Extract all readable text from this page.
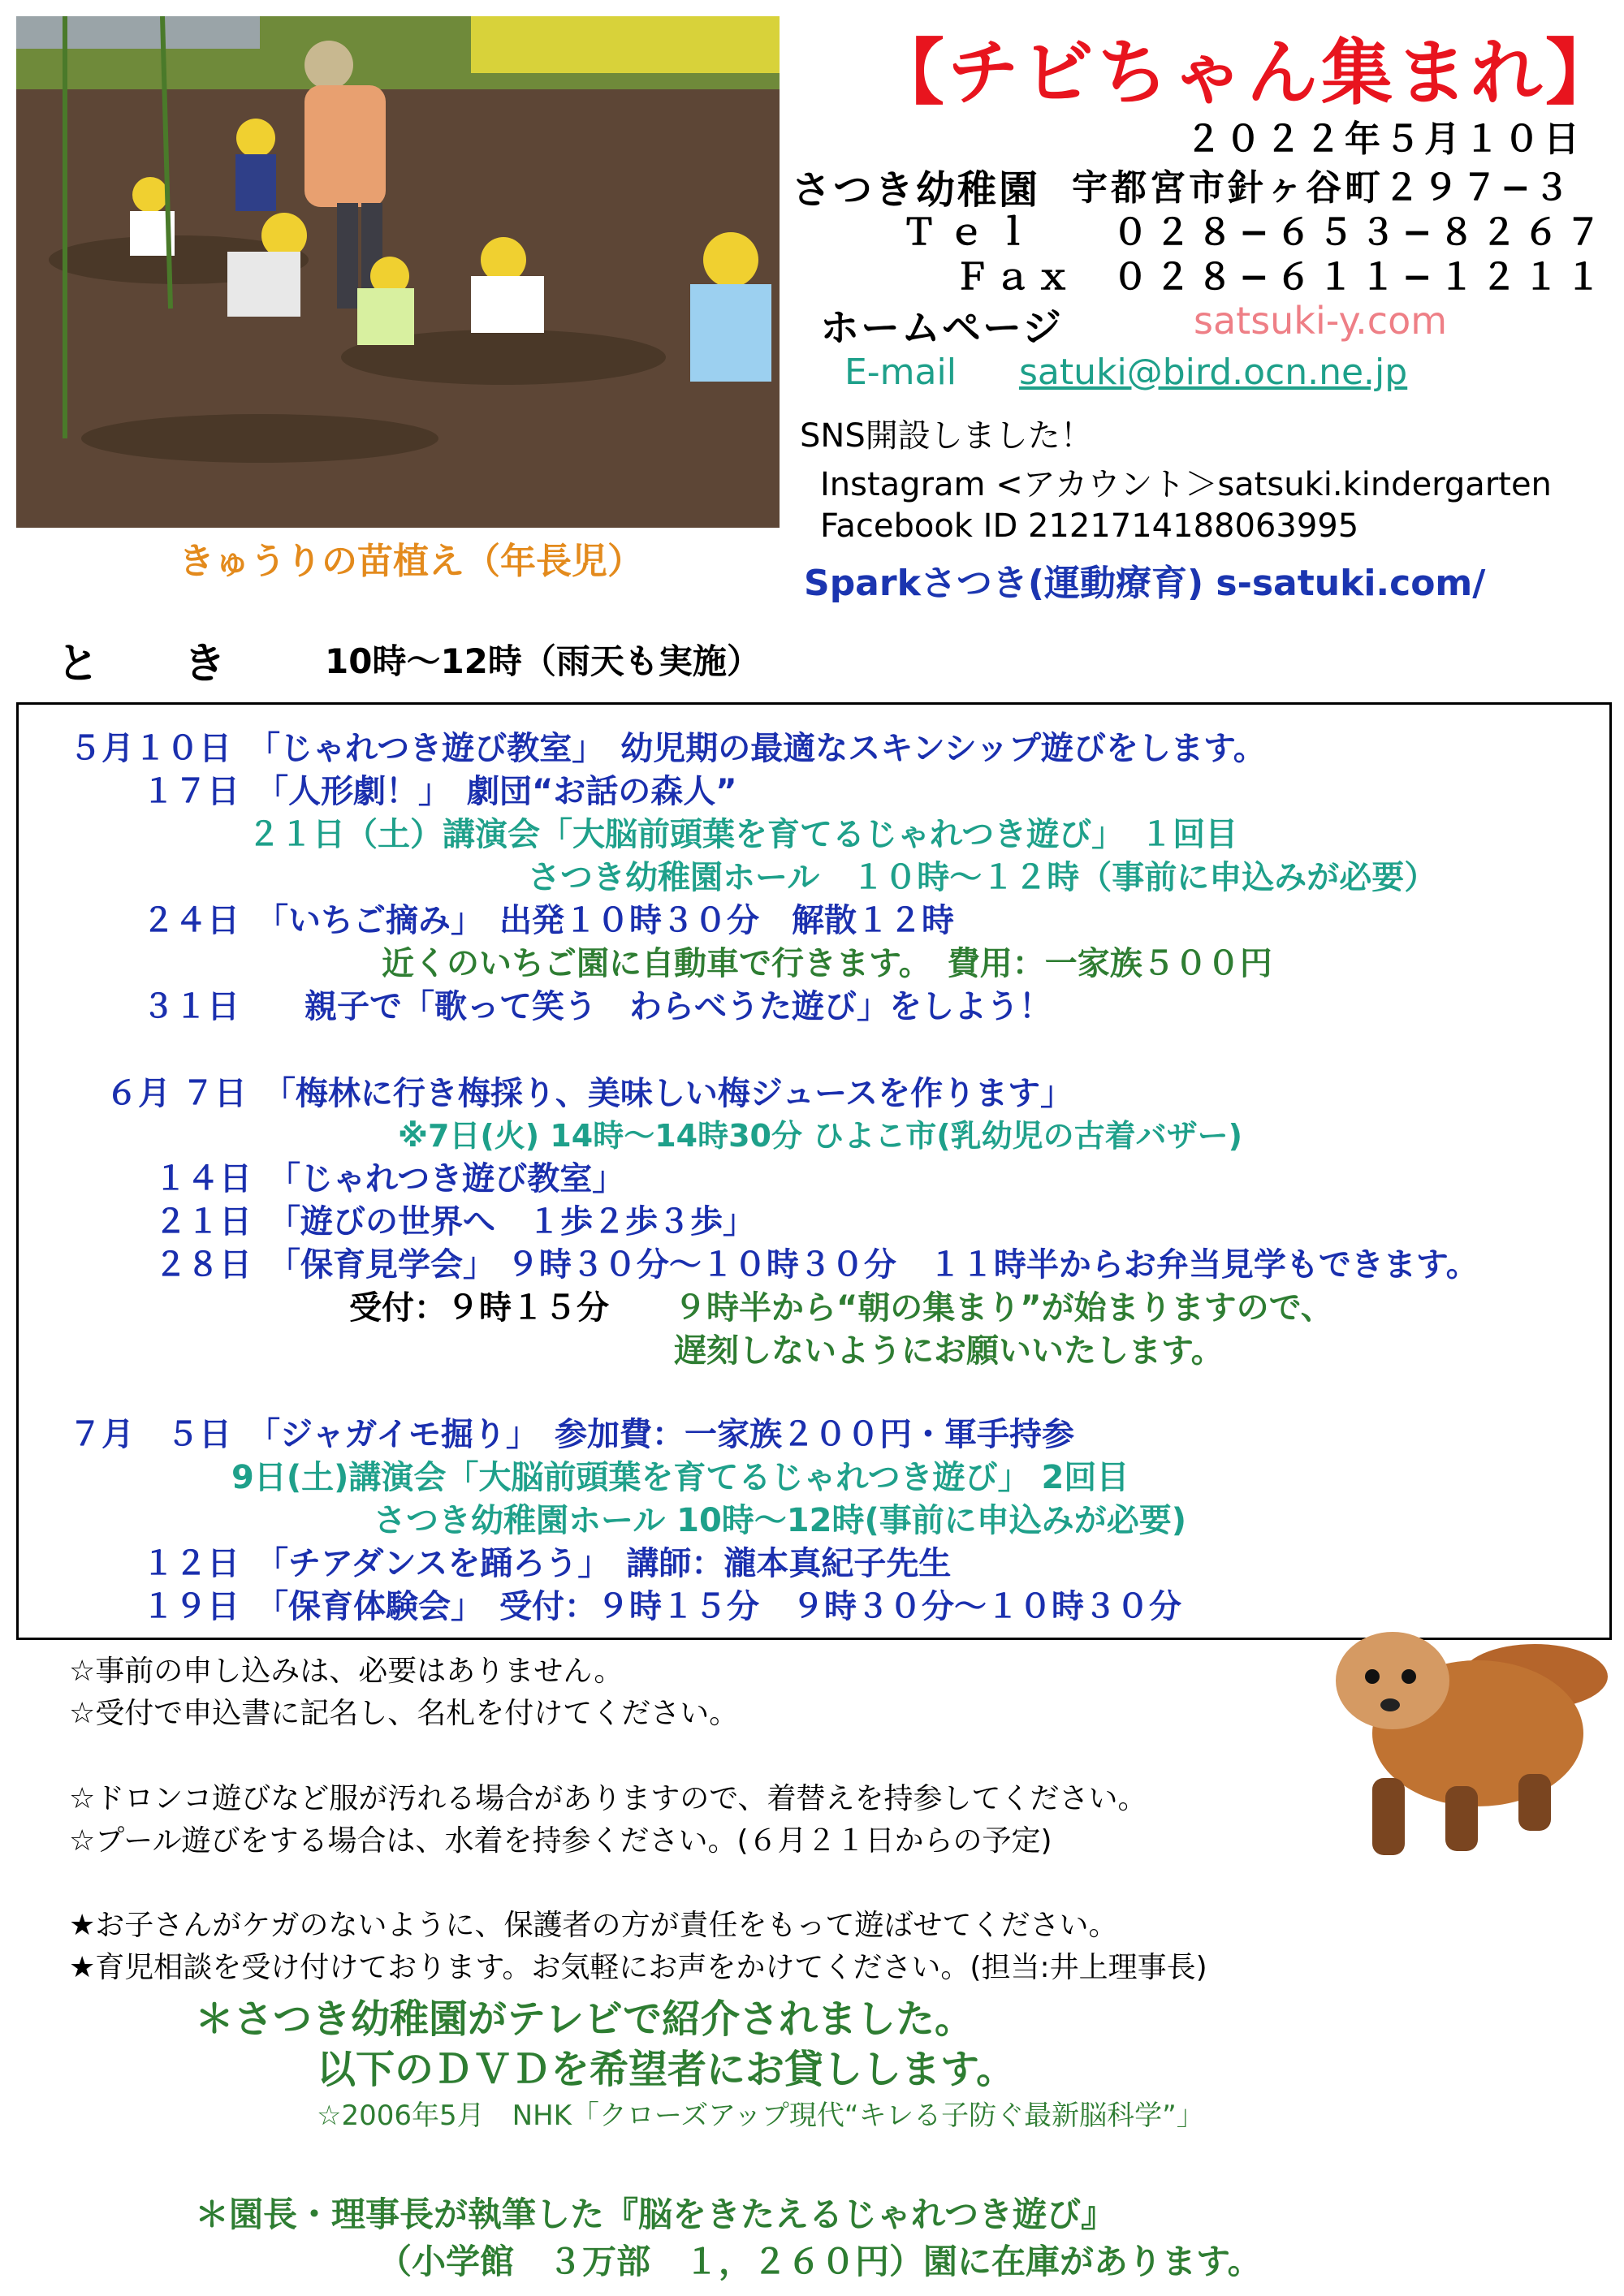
きゅうりの苗植え（年長児）
【チビちゃん集まれ】
２０２２年５月１０日
さつき幼稚園 宇都宮市針ヶ谷町２９７−３
Ｔｅｌ ０２８−６５３−８２６７
Ｆａｘ ０２８−６１１−１２１１
ホームページ	satsuki-y.com
E-mail satuki@bird.ocn.ne.jp
SNS開設しました！
Instagram <アカウント＞satsuki.kindergarten
Facebook ID 2121714188063995
Sparkさつき(運動療育) s-satuki.com/
と　　き	10時〜12時（雨天も実施）
５月１０日　「じゃれつき遊び教室」　幼児期の最適なスキンシップ遊びをします。
１７日　「人形劇！」　劇団“お話の森人”
２１日（土）講演会「大脳前頭葉を育てるじゃれつき遊び」　１回目
さつき幼稚園ホール　１０時〜１２時（事前に申込みが必要）
２４日　「いちご摘み」　出発１０時３０分　解散１２時
近くのいちご園に自動車で行きます。　費用：一家族５００円
３１日　　親子で「歌って笑う　わらべうた遊び」をしよう！
６月 ７日　「梅林に行き梅採り、美味しい梅ジュースを作ります」
※7日(火) 14時〜14時30分 ひよこ市(乳幼児の古着バザー)
１４日　「じゃれつき遊び教室」
２１日　「遊びの世界へ　１歩２歩３歩」
２８日　「保育見学会」 ９時３０分〜１０時３０分　１１時半からお弁当見学もできます。
受付：９時１５分 ９時半から“朝の集まり”が始まりますので、
遅刻しないようにお願いいたします。
７月　５日　「ジャガイモ掘り」　参加費：一家族２００円・軍手持参
9日(土)講演会「大脳前頭葉を育てるじゃれつき遊び」 2回目
さつき幼稚園ホール 10時〜12時(事前に申込みが必要)
１２日　「チアダンスを踊ろう」　講師：瀧本真紀子先生
１９日　「保育体験会」　受付：９時１５分　９時３０分〜１０時３０分
☆事前の申し込みは、必要はありません。
☆受付で申込書に記名し、名札を付けてください。
☆ドロンコ遊びなど服が汚れる場合がありますので、着替えを持参してください。
☆プール遊びをする場合は、水着を持参ください。(６月２１日からの予定)
★お子さんがケガのないように、保護者の方が責任をもって遊ばせてください。
★育児相談を受け付けております。お気軽にお声をかけてください。(担当:井上理事長)
＊さつき幼稚園がテレビで紹介されました。
以下のＤＶＤを希望者にお貸しします。
☆2006年5月　NHK「クローズアップ現代“キレる子防ぐ最新脳科学”」
＊園長・理事長が執筆した『脳をきたえるじゃれつき遊び』
（小学館　３万部　１，２６０円）園に在庫があります。
